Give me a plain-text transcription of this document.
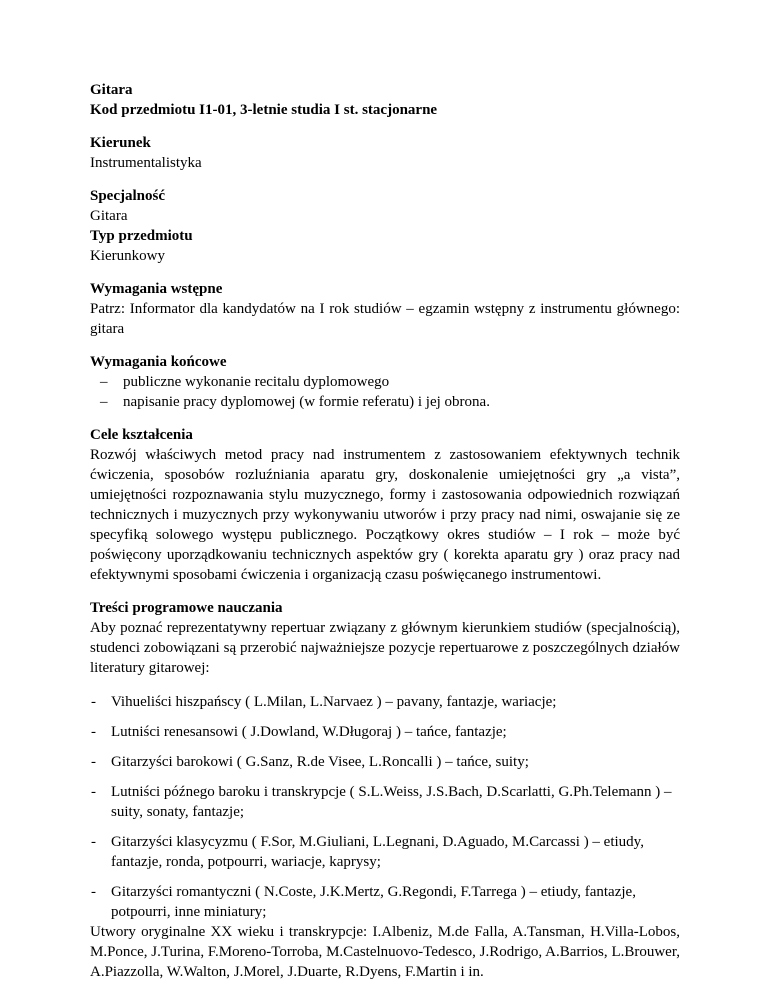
Gitara

Kod przedmiotu I1-01, 3-letnie studia I st. stacjonarne

Kierunek

Instrumentalistyka

Specjalność

Gitara

Typ przedmiotu

Kierunkowy

Wymagania wstępne

Patrz: Informator dla kandydatów na I rok studiów – egzamin wstępny z instrumentu głównego: gitara

Wymagania końcowe

– publiczne wykonanie recitalu dyplomowego
– napisanie pracy dyplomowej (w formie referatu) i jej obrona.

Cele kształcenia

Rozwój właściwych metod pracy nad instrumentem z zastosowaniem efektywnych technik ćwiczenia, sposobów rozluźniania aparatu gry, doskonalenie umiejętności gry „a vista”, umiejętności rozpoznawania stylu muzycznego, formy i zastosowania odpowiednich rozwiązań technicznych i muzycznych przy wykonywaniu utworów i przy pracy nad nimi, oswajanie się ze specyfiką solowego występu publicznego. Początkowy okres studiów – I rok – może być poświęcony uporządkowaniu technicznych aspektów gry ( korekta aparatu gry ) oraz pracy nad efektywnymi sposobami ćwiczenia i organizacją czasu poświęcanego instrumentowi.

Treści programowe nauczania

Aby poznać reprezentatywny repertuar związany z głównym kierunkiem studiów (specjalnością), studenci zobowiązani są przerobić najważniejsze pozycje repertuarowe z poszczególnych działów literatury gitarowej:

- Vihueliści hiszpańscy ( L.Milan, L.Narvaez ) – pavany, fantazje, wariacje;
- Lutniści renesansowi ( J.Dowland, W.Długoraj ) – tańce, fantazje;
- Gitarzyści barokowi ( G.Sanz, R.de Visee, L.Roncalli ) – tańce, suity;
- Lutniści późnego baroku i transkrypcje ( S.L.Weiss, J.S.Bach, D.Scarlatti, G.Ph.Telemann ) – suity, sonaty, fantazje;
- Gitarzyści klasycyzmu ( F.Sor, M.Giuliani, L.Legnani, D.Aguado, M.Carcassi ) – etiudy, fantazje, ronda, potpourri, wariacje, kaprysy;
- Gitarzyści romantyczni ( N.Coste, J.K.Mertz, G.Regondi, F.Tarrega ) – etiudy, fantazje, potpourri, inne miniatury;

Utwory oryginalne XX wieku i transkrypcje: I.Albeniz, M.de Falla, A.Tansman, H.Villa-Lobos, M.Ponce, J.Turina, F.Moreno-Torroba, M.Castelnuovo-Tedesco, J.Rodrigo, A.Barrios, L.Brouwer, A.Piazzolla, W.Walton, J.Morel, J.Duarte, R.Dyens, F.Martin i in.
